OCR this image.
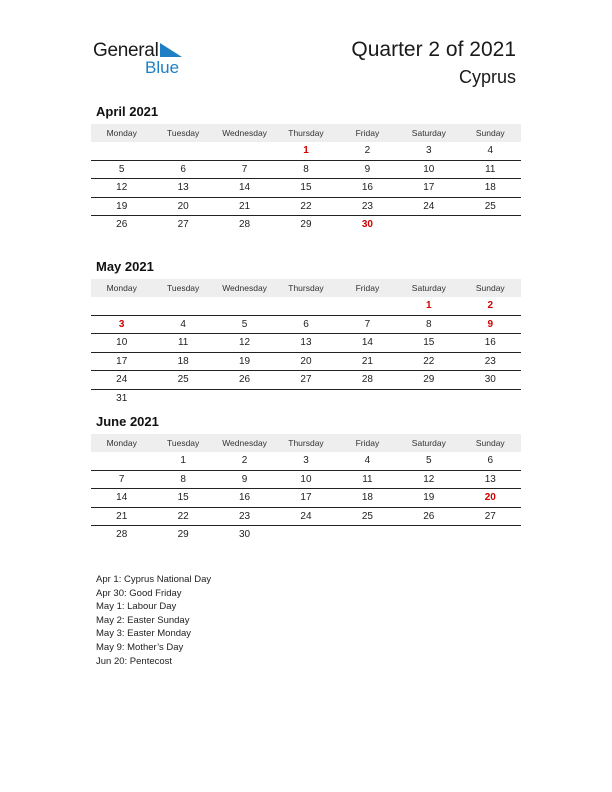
General
Blue
Quarter 2 of 2021
Cyprus
April 2021
Monday	Tuesday	Wednesday	Thursday	Friday	Saturday	Sunday
			1	2	3	4
5	6	7	8	9	10	11
12	13	14	15	16	17	18
19	20	21	22	23	24	25
26	27	28	29	30		
May 2021
Monday	Tuesday	Wednesday	Thursday	Friday	Saturday	Sunday
					1	2
3	4	5	6	7	8	9
10	11	12	13	14	15	16
17	18	19	20	21	22	23
24	25	26	27	28	29	30
31						
June 2021
Monday	Tuesday	Wednesday	Thursday	Friday	Saturday	Sunday
	1	2	3	4	5	6
7	8	9	10	11	12	13
14	15	16	17	18	19	20
21	22	23	24	25	26	27
28	29	30				
Apr 1: Cyprus National Day
Apr 30: Good Friday
May 1: Labour Day
May 2: Easter Sunday
May 3: Easter Monday
May 9: Mother’s Day
Jun 20: Pentecost
